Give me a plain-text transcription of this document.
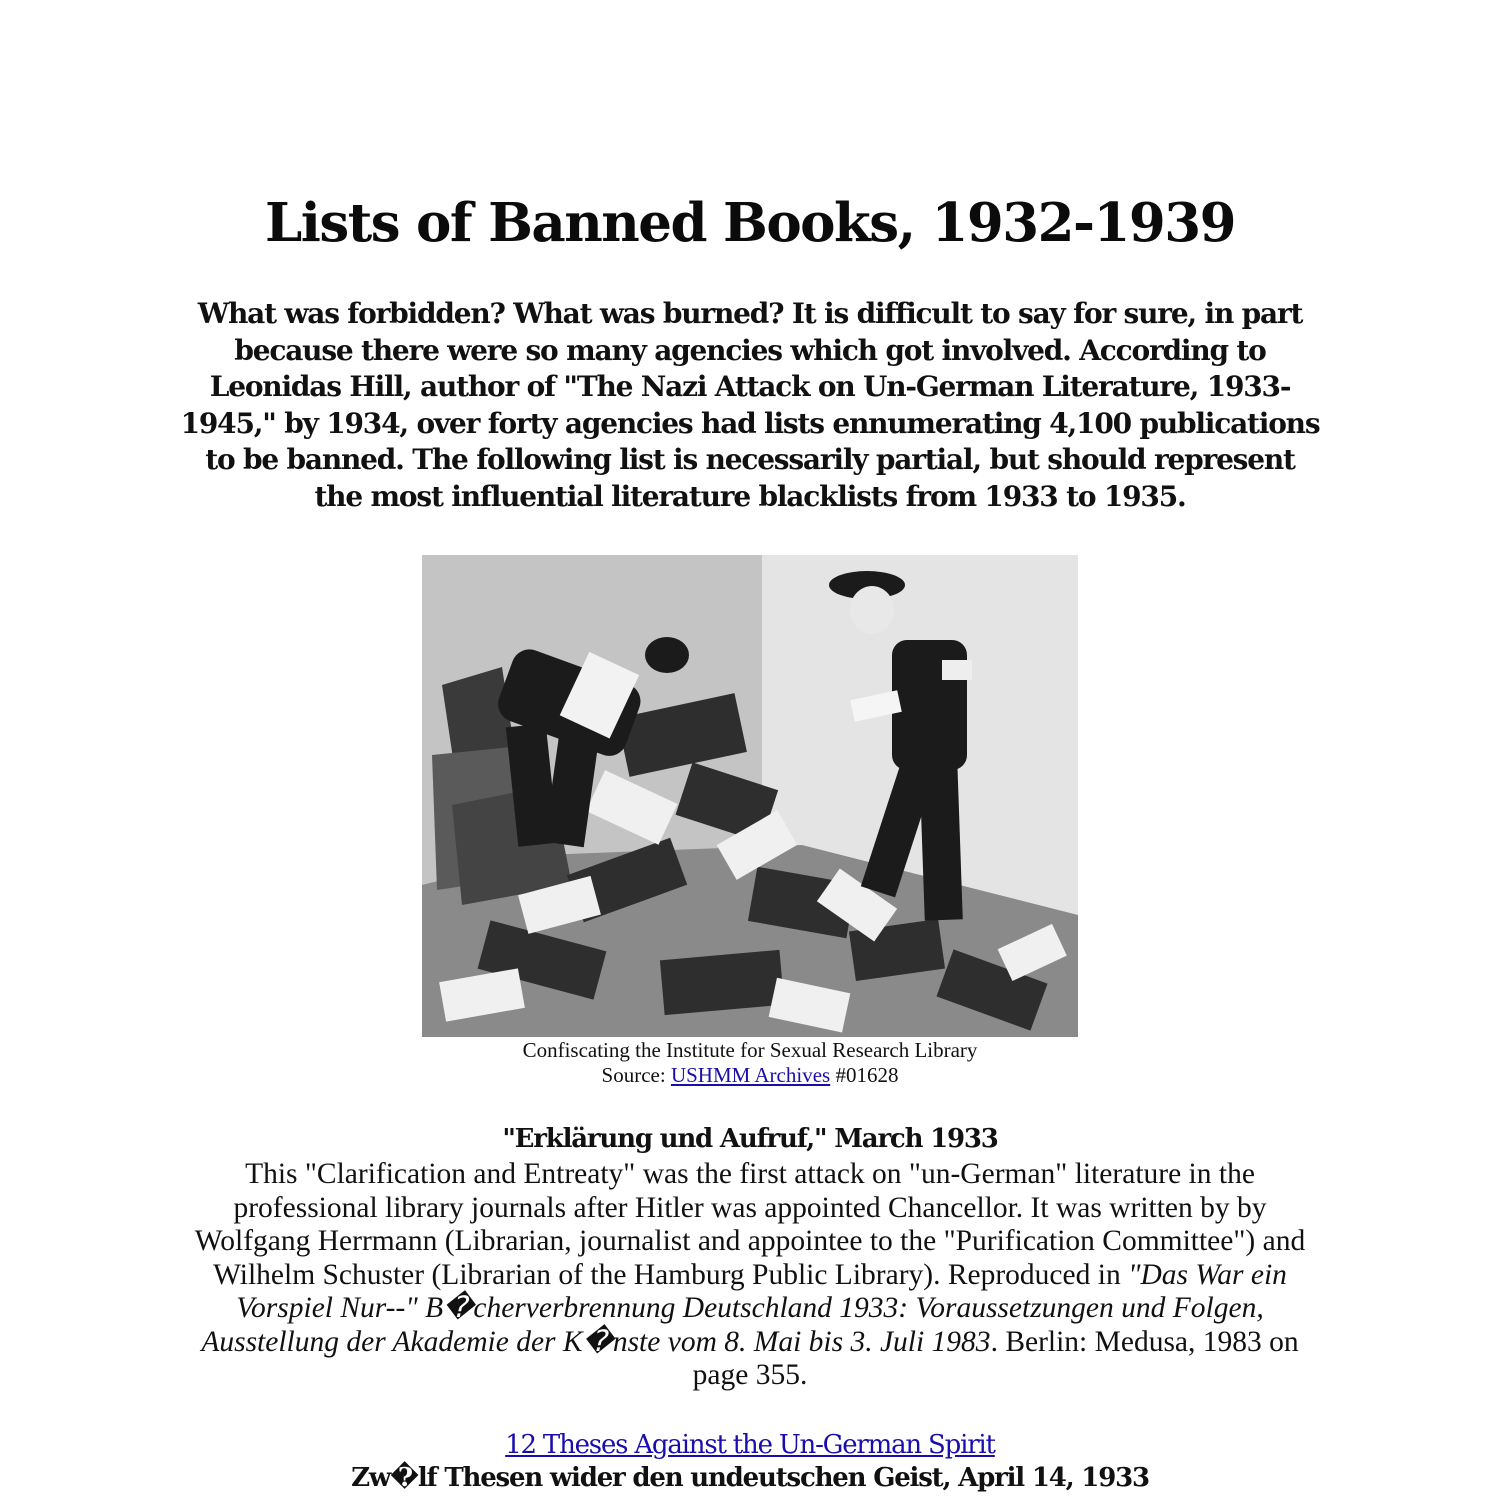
Lists of Banned Books, 1932-1939

What was forbidden? What was burned? It is difficult to say for sure, in part because there were so many agencies which got involved. According to Leonidas Hill, author of "The Nazi Attack on Un-German Literature, 1933-1945," by 1934, over forty agencies had lists ennumerating 4,100 publications to be banned. The following list is necessarily partial, but should represent the most influential literature blacklists from 1933 to 1935.

Confiscating the Institute for Sexual Research Library
Source: USHMM Archives #01628
"Erklärung und Aufruf," March 1933
This "Clarification and Entreaty" was the first attack on "un-German" literature in the professional library journals after Hitler was appointed Chancellor. It was written by by Wolfgang Herrmann (Librarian, journalist and appointee to the "Purification Committee") and Wilhelm Schuster (Librarian of the Hamburg Public Library). Reproduced in "Das War ein Vorspiel Nur--" B�cherverbrennung Deutschland 1933: Voraussetzungen und Folgen, Ausstellung der Akademie der K�nste vom 8. Mai bis 3. Juli 1983. Berlin: Medusa, 1983 on page 355.
12 Theses Against the Un-German Spirit
Zw�lf Thesen wider den undeutschen Geist, April 14, 1933
